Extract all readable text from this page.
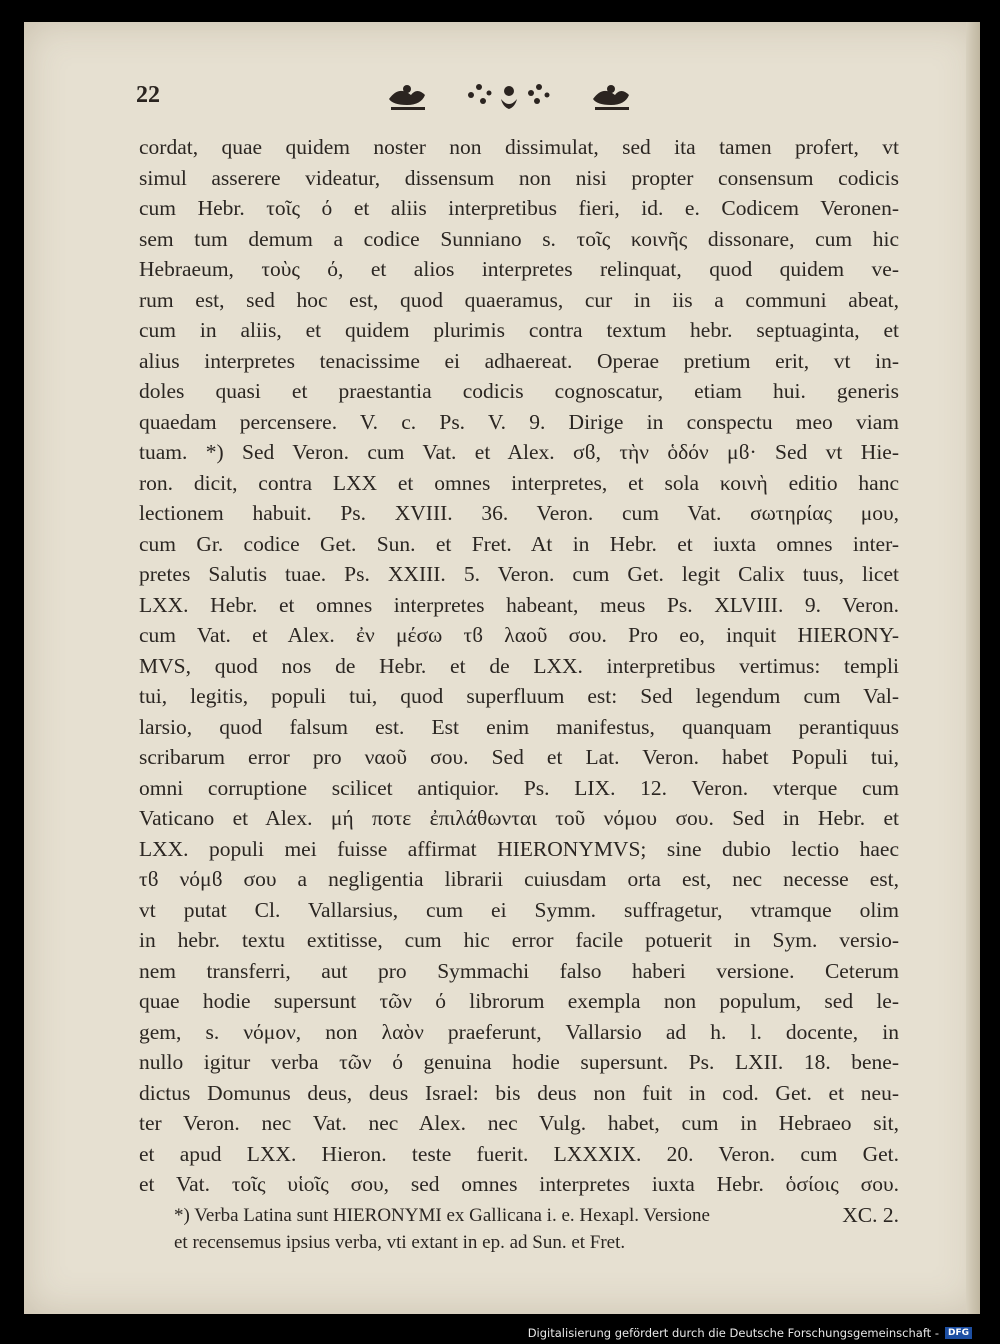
22
cordat, quae quidem noster non dissimulat, sed ita tamen profert, vt
simul asserere videatur, dissensum non nisi propter consensum codicis
cum Hebr. τοῖς ό et aliis interpretibus fieri, id. e. Codicem Veronen-
sem tum demum a codice Sunniano s. τοῖς κοινῆς dissonare, cum hic
Hebraeum, τοὺς ό, et alios interpretes relinquat, quod quidem ve-
rum est, sed hoc est, quod quaeramus, cur in iis a communi abeat,
cum in aliis, et quidem plurimis contra textum hebr. septuaginta, et
alius interpretes tenacissime ei adhaereat. Operae pretium erit, vt in-
doles quasi et praestantia codicis cognoscatur, etiam hui. generis
quaedam percensere. V. c. Ps. V. 9. Dirige in conspectu meo viam
tuam. *) Sed Veron. cum Vat. et Alex. σϐ, τὴν ὁδόν μϐ· Sed vt Hie-
ron. dicit, contra LXX et omnes interpretes, et sola κοινὴ editio hanc
lectionem habuit. Ps. XVIII. 36. Veron. cum Vat. σωτηρίας μου,
cum Gr. codice Get. Sun. et Fret. At in Hebr. et iuxta omnes inter-
pretes Salutis tuae. Ps. XXIII. 5. Veron. cum Get. legit Calix tuus, licet
LXX. Hebr. et omnes interpretes habeant, meus Ps. XLVIII. 9. Veron.
cum Vat. et Alex. ἐν μέσω τϐ λαοῦ σου. Pro eo, inquit HIERONY-
MVS, quod nos de Hebr. et de LXX. interpretibus vertimus: templi
tui, legitis, populi tui, quod superfluum est: Sed legendum cum Val-
larsio, quod falsum est. Est enim manifestus, quanquam perantiquus
scribarum error pro ναοῦ σου. Sed et Lat. Veron. habet Populi tui,
omni corruptione scilicet antiquior. Ps. LIX. 12. Veron. vterque cum
Vaticano et Alex. μή ποτε ἐπιλάθωνται τοῦ νόμου σου. Sed in Hebr. et
LXX. populi mei fuisse affirmat HIERONYMVS; sine dubio lectio haec
τϐ νόμϐ σου a negligentia librarii cuiusdam orta est, nec necesse est,
vt putat Cl. Vallarsius, cum ei Symm. suffragetur, vtramque olim
in hebr. textu extitisse, cum hic error facile potuerit in Sym. versio-
nem transferri, aut pro Symmachi falso haberi versione. Ceterum
quae hodie supersunt τῶν ό librorum exempla non populum, sed le-
gem, s. νόμον, non λαὸν praeferunt, Vallarsio ad h. l. docente, in
nullo igitur verba τῶν ό genuina hodie supersunt. Ps. LXII. 18. bene-
dictus Domunus deus, deus Israel: bis deus non fuit in cod. Get. et neu-
ter Veron. nec Vat. nec Alex. nec Vulg. habet, cum in Hebraeo sit,
et apud LXX. Hieron. teste fuerit. LXXXIX. 20. Veron. cum Get.
et Vat. τοῖς υἱοῖς σου, sed omnes interpretes iuxta Hebr. ὁσίοις σου.
XC. 2.
*) Verba Latina sunt HIERONYMI ex Gallicana i. e. Hexapl. Versione
et recensemus ipsius verba, vti extant in ep. ad Sun. et Fret.
Digitalisierung gefördert durch die Deutsche Forschungsgemeinschaft -	DFG
